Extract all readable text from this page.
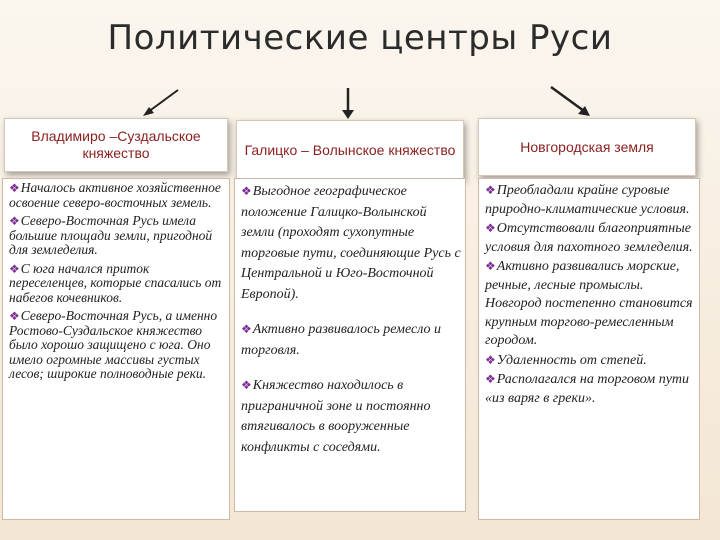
Политические центры Руси
Владимиро –Суздальское княжество	Галицко – Волынское княжество	Новгородская земля
❖Началось активное хозяйственное освоение северо-восточных земель.
❖Северо-Восточная Русь имела большие площади земли, пригодной для земледелия.
❖С юга начался приток переселенцев, которые спасались от набегов кочевников.
❖Северо-Восточная Русь, а именно Ростово-Суздальское княжество было хорошо защищено с юга. Оно имело огромные массивы густых лесов; широкие полноводные реки.
❖Выгодное географическое положение Галицко-Волынской земли (проходят сухопутные торговые пути, соединяющие Русь с Центральной и Юго-Восточной Европой).
❖Активно развивалось ремесло и торговля.
❖Княжество находилось в приграничной зоне и постоянно втягивалось в вооруженные конфликты с соседями.
❖Преобладали крайне суровые природно-климатические условия.
❖Отсутствовали благоприятные условия для пахотного земледелия.
❖Активно развивались морские, речные, лесные промыслы. Новгород постепенно становится крупным торгово-ремесленным городом.
❖Удаленность от степей.
❖Располагался на торговом пути «из варяг в греки».
